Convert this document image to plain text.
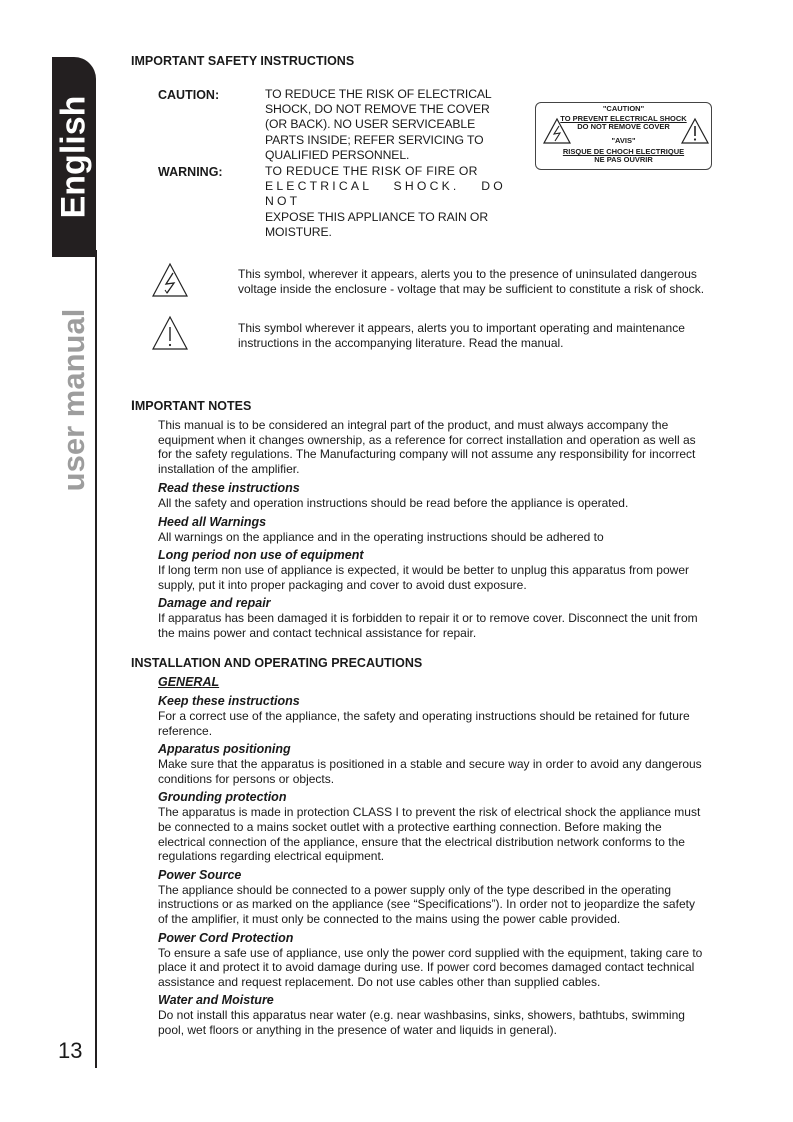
English
user manual
13
IMPORTANT SAFETY INSTRUCTIONS
CAUTION:	TO REDUCE THE RISK OF ELECTRICAL
SHOCK, DO NOT REMOVE THE COVER
(OR BACK). NO USER SERVICEABLE
PARTS INSIDE; REFER SERVICING TO
QUALIFIED PERSONNEL.
WARNING:	TO REDUCE THE RISK OF FIRE OR
ELECTRICAL SHOCK. DO NOT
EXPOSE THIS APPLIANCE TO RAIN OR
MOISTURE.
"CAUTION"
TO PREVENT ELECTRICAL SHOCK
DO NOT REMOVE COVER
"AVIS"
RISQUE DE CHOCH ELECTRIQUE
NE PAS OUVRIR
This symbol, wherever it appears, alerts you to the presence of uninsulated dangerous
voltage inside the enclosure - voltage that may be sufficient to constitute a risk of shock.
This symbol wherever it appears, alerts you to important operating and maintenance
instructions in the accompanying literature. Read the manual.
IMPORTANT NOTES
This manual is to be considered an integral part of the product, and must always accompany the
equipment when it changes ownership, as a reference for correct installation and operation as well as
for the safety regulations. The Manufacturing company will not assume any responsibility for incorrect
installation of the amplifier.
Read these instructions
All the safety and operation instructions should be read before the appliance is operated.
Heed all Warnings
All warnings on the appliance and in the operating instructions should be adhered to
Long period non use of equipment
If long term non use of appliance is expected, it would be better to unplug this apparatus from power
supply, put it into proper packaging and cover to avoid dust exposure.
Damage and repair
If apparatus has been damaged it is forbidden to repair it or to remove cover. Disconnect the unit from
the mains power and contact technical assistance for repair.
INSTALLATION AND OPERATING PRECAUTIONS
GENERAL
Keep these instructions
For a correct use of the appliance, the safety and operating instructions should be retained for future
reference.
Apparatus positioning
Make sure that the apparatus is positioned in a stable and secure way in order to avoid any dangerous
conditions for persons or objects.
Grounding protection
The apparatus is made in protection CLASS I to prevent the risk of electrical shock the appliance must
be connected to a mains socket outlet with a protective earthing connection. Before making the
electrical connection of the appliance, ensure that the electrical distribution network conforms to the
regulations regarding electrical equipment.
Power Source
The appliance should be connected to a power supply only of the type described in the operating
instructions or as marked on the appliance (see “Specifications”). In order not to jeopardize the safety
of the amplifier, it must only be connected to the mains using the power cable provided.
Power Cord Protection
To ensure a safe use of appliance, use only the power cord supplied with the equipment, taking care to
place it and protect it to avoid damage during use. If power cord becomes damaged contact technical
assistance and request replacement. Do not use cables other than supplied cables.
Water and Moisture
Do not install this apparatus near water (e.g. near washbasins, sinks, showers, bathtubs, swimming
pool, wet floors or anything in the presence of water and liquids in general).
